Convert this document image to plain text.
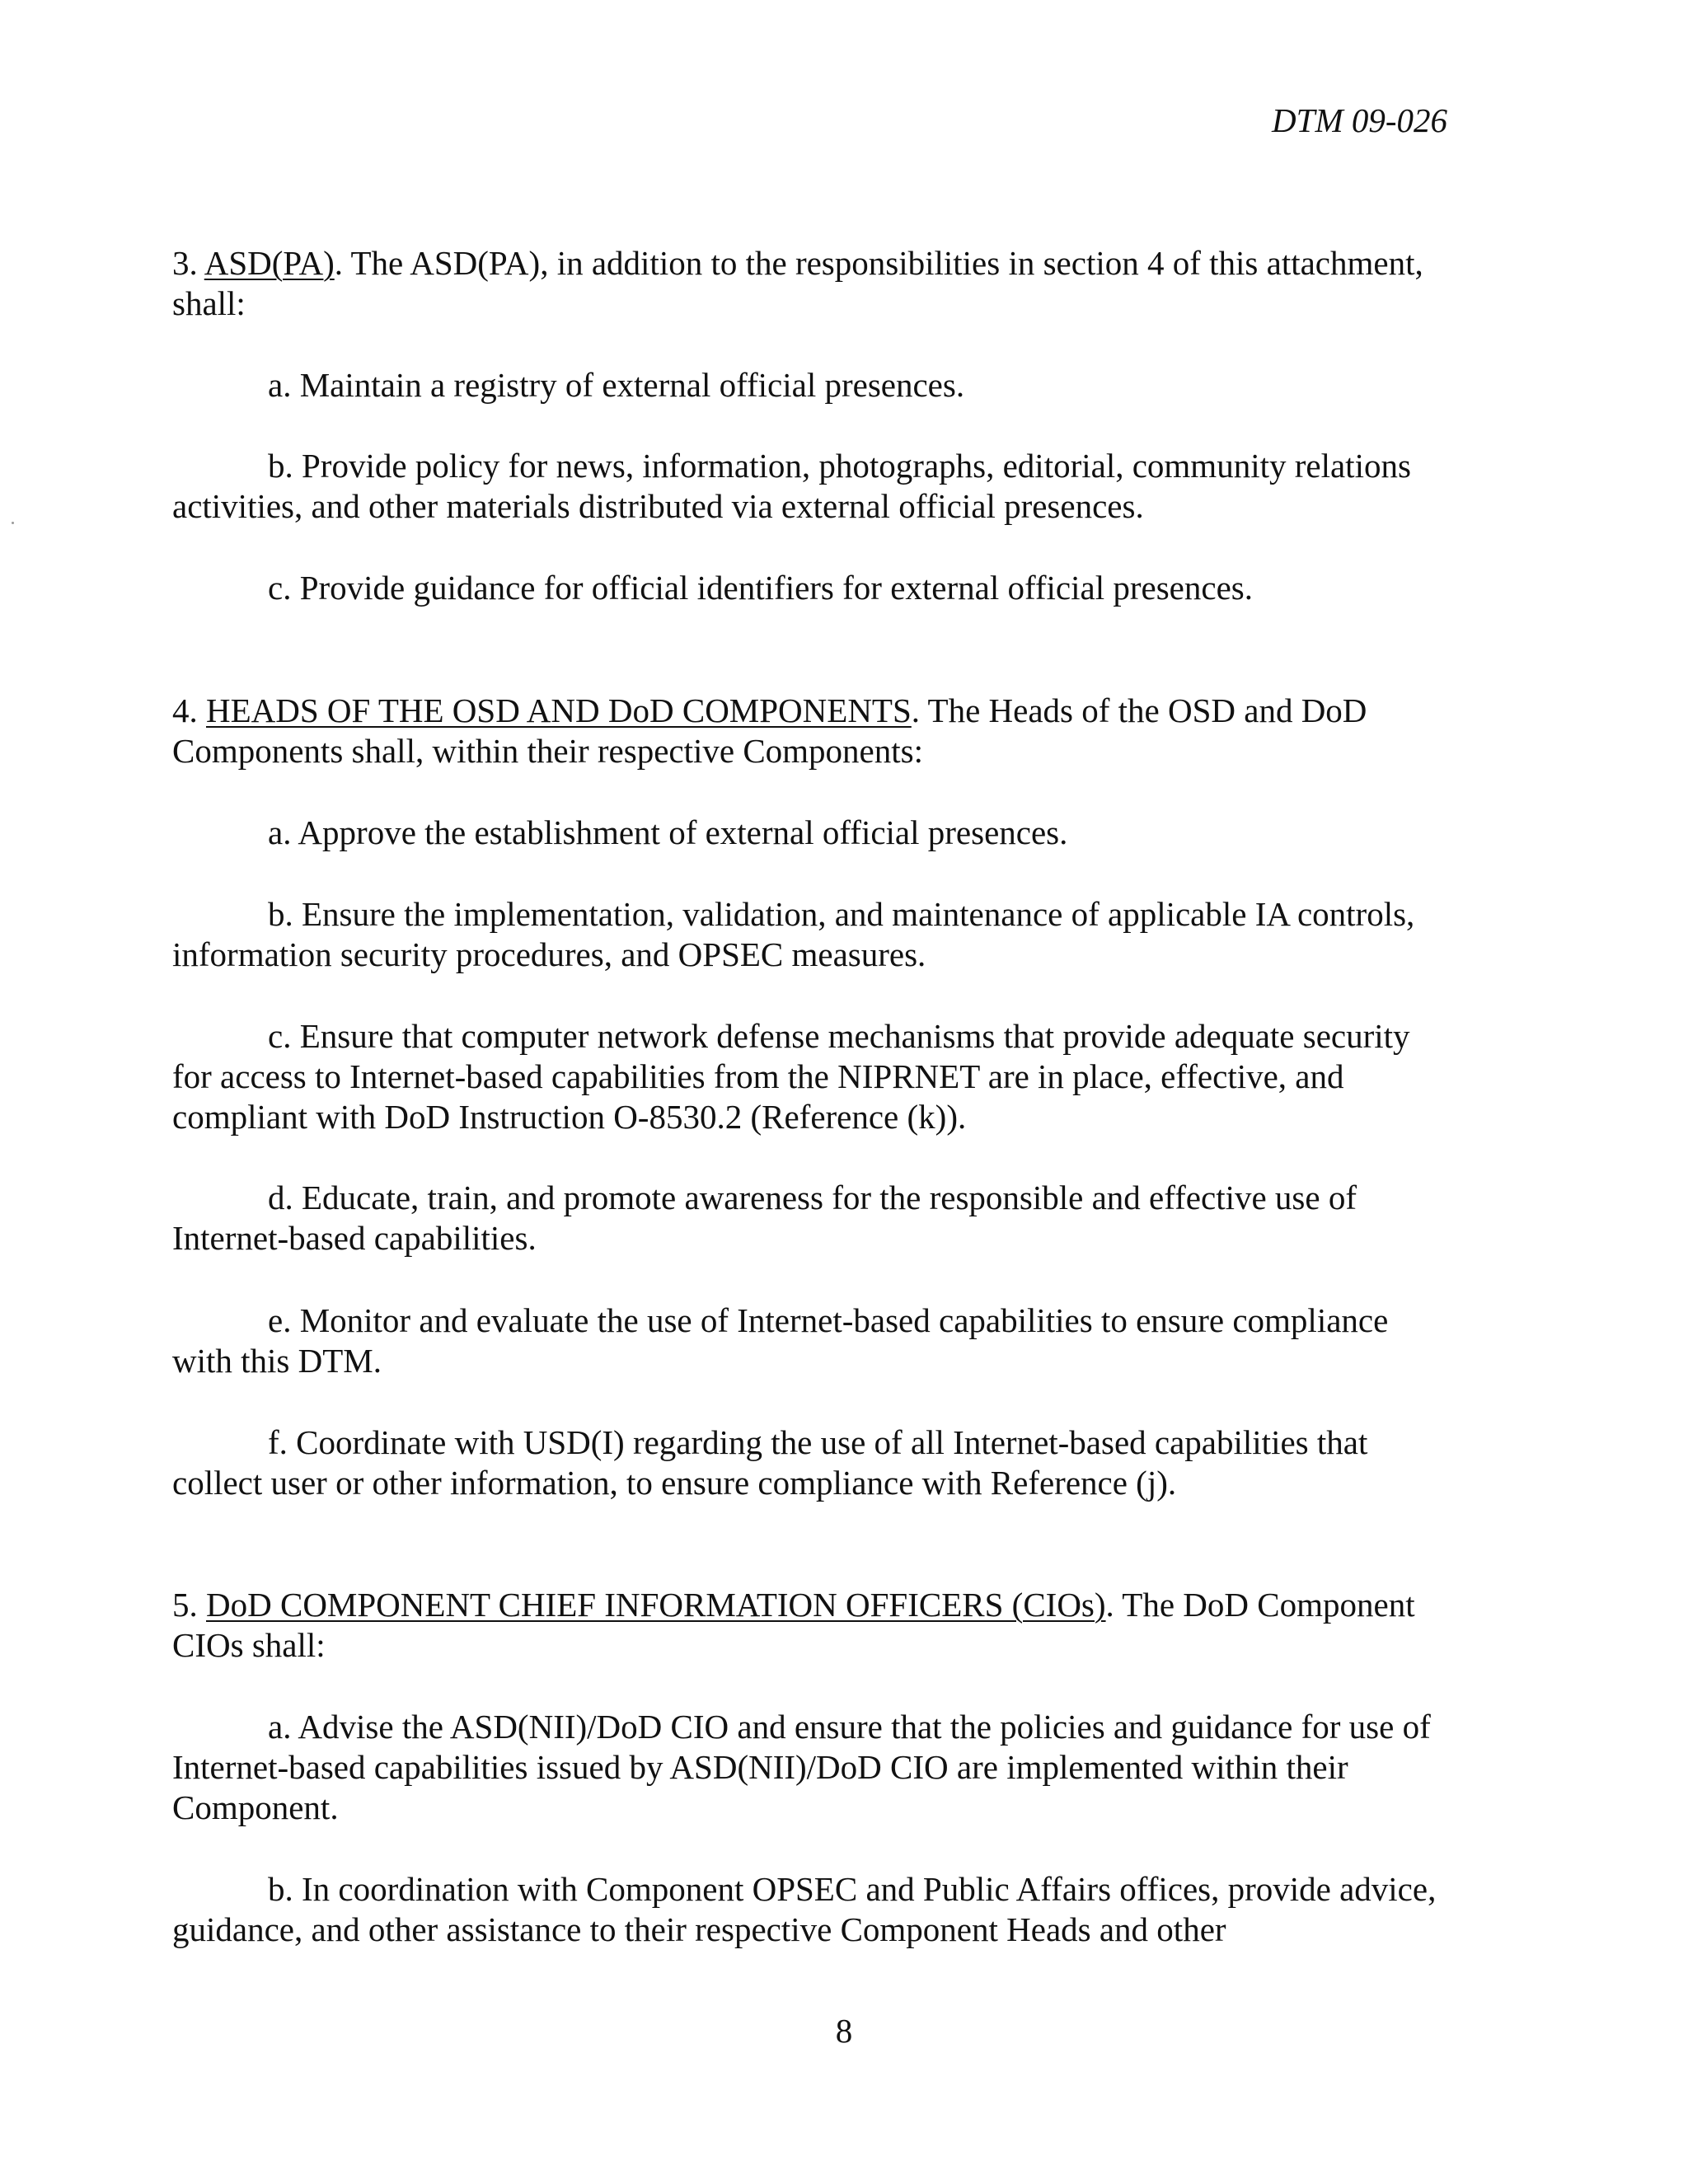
DTM 09-026

3. ASD(PA). The ASD(PA), in addition to the responsibilities in section 4 of this attachment, shall:

a. Maintain a registry of external official presences.

b. Provide policy for news, information, photographs, editorial, community relations activities, and other materials distributed via external official presences.

c. Provide guidance for official identifiers for external official presences.

4. HEADS OF THE OSD AND DoD COMPONENTS. The Heads of the OSD and DoD Components shall, within their respective Components:

a. Approve the establishment of external official presences.

b. Ensure the implementation, validation, and maintenance of applicable IA controls, information security procedures, and OPSEC measures.

c. Ensure that computer network defense mechanisms that provide adequate security for access to Internet-based capabilities from the NIPRNET are in place, effective, and compliant with DoD Instruction O-8530.2 (Reference (k)).

d. Educate, train, and promote awareness for the responsible and effective use of Internet-based capabilities.

e. Monitor and evaluate the use of Internet-based capabilities to ensure compliance with this DTM.

f. Coordinate with USD(I) regarding the use of all Internet-based capabilities that collect user or other information, to ensure compliance with Reference (j).

5. DoD COMPONENT CHIEF INFORMATION OFFICERS (CIOs). The DoD Component CIOs shall:

a. Advise the ASD(NII)/DoD CIO and ensure that the policies and guidance for use of Internet-based capabilities issued by ASD(NII)/DoD CIO are implemented within their Component.

b. In coordination with Component OPSEC and Public Affairs offices, provide advice, guidance, and other assistance to their respective Component Heads and other

8
